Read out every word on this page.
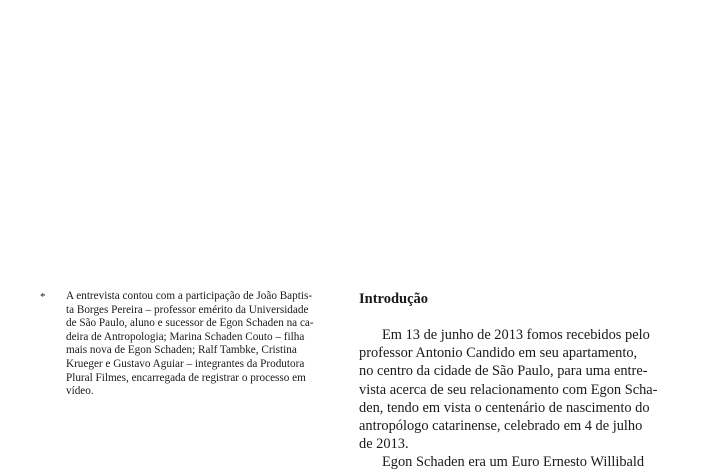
* A entrevista contou com a participação de João Baptis-
ta Borges Pereira – professor emérito da Universidade
de São Paulo, aluno e sucessor de Egon Schaden na ca-
deira de Antropologia; Marina Schaden Couto – filha
mais nova de Egon Schaden; Ralf Tambke, Cristina
Krueger e Gustavo Aguiar – integrantes da Produtora
Plural Filmes, encarregada de registrar o processo em
vídeo.
Introdução
Em 13 de junho de 2013 fomos recebidos pelo
professor Antonio Candido em seu apartamento,
no centro da cidade de São Paulo, para uma entre-
vista acerca de seu relacionamento com Egon Scha-
den, tendo em vista o centenário de nascimento do
antropólogo catarinense, celebrado em 4 de julho
de 2013.
Egon Schaden era um Euro Ernesto Willibald
